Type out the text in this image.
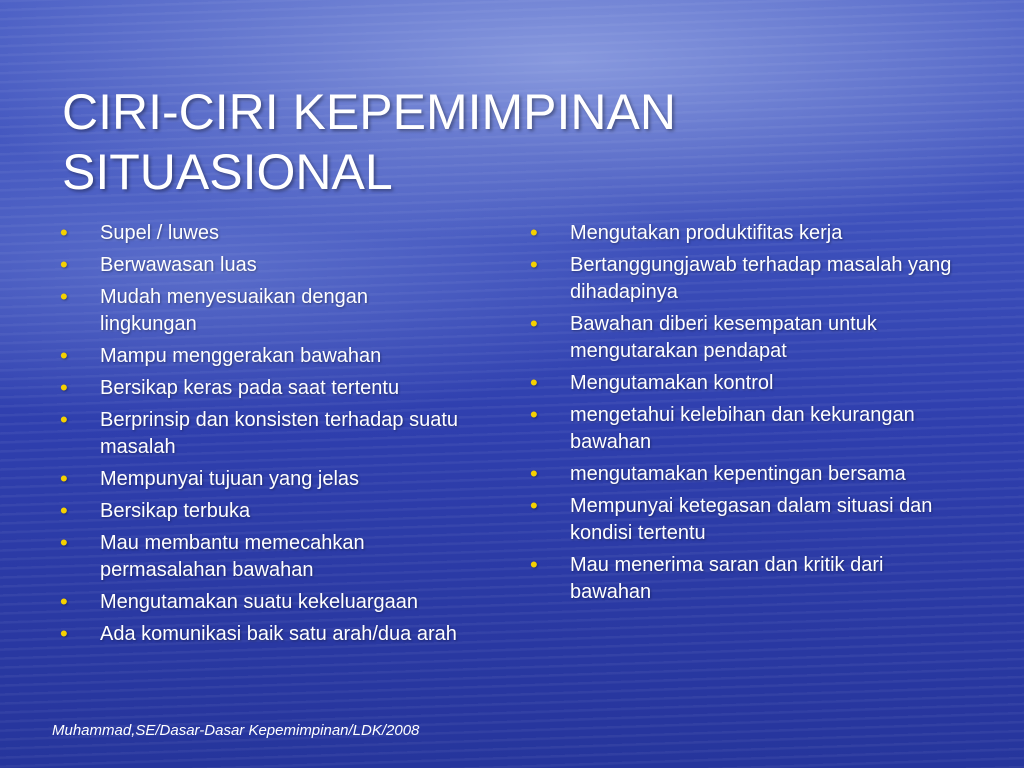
CIRI-CIRI KEPEMIMPINAN SITUASIONAL
• Supel / luwes
• Berwawasan luas
• Mudah menyesuaikan dengan lingkungan
• Mampu menggerakan bawahan
• Bersikap keras pada saat tertentu
• Berprinsip dan konsisten terhadap suatu masalah
• Mempunyai tujuan yang jelas
• Bersikap terbuka
• Mau membantu memecahkan permasalahan bawahan
• Mengutamakan suatu kekeluargaan
• Ada komunikasi baik satu arah/dua arah
• Mengutakan produktifitas kerja
• Bertanggungjawab terhadap masalah yang dihadapinya
• Bawahan diberi kesempatan untuk mengutarakan pendapat
• Mengutamakan kontrol
• mengetahui kelebihan dan kekurangan bawahan
• mengutamakan kepentingan bersama
• Mempunyai ketegasan dalam situasi dan kondisi tertentu
• Mau menerima saran dan kritik dari bawahan
Muhammad,SE/Dasar-Dasar Kepemimpinan/LDK/2008
